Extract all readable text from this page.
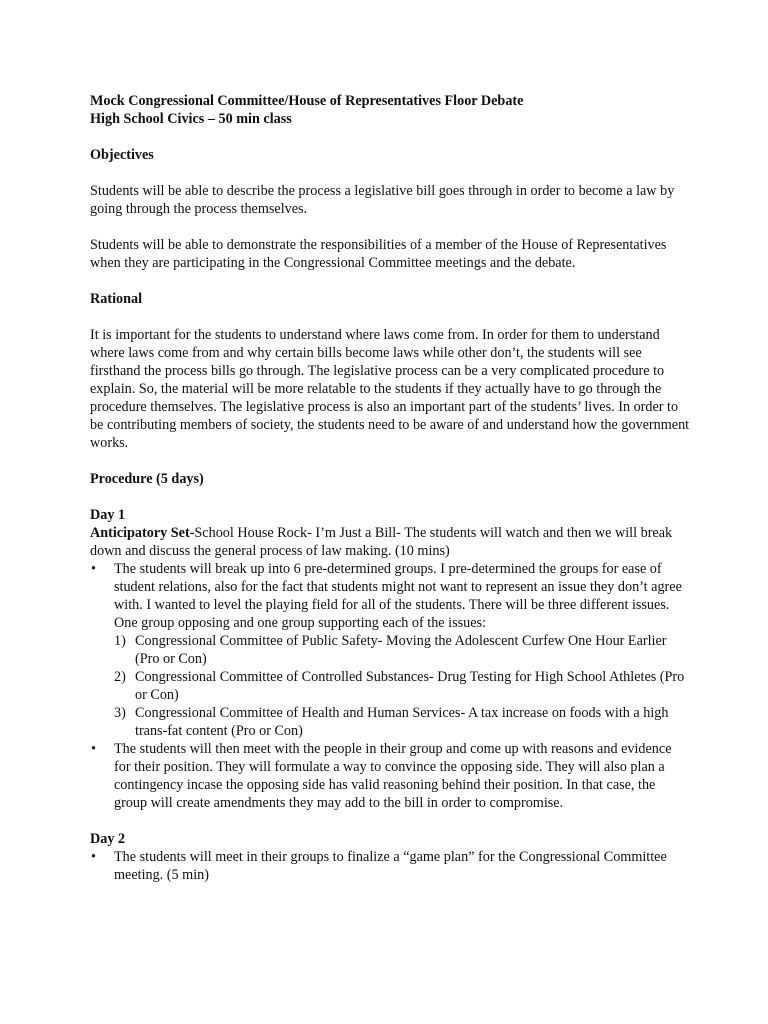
Mock Congressional Committee/House of Representatives Floor Debate

High School Civics – 50 min class

Objectives

Students will be able to describe the process a legislative bill goes through in order to become a law by going through the process themselves.

Students will be able to demonstrate the responsibilities of a member of the House of Representatives when they are participating in the Congressional Committee meetings and the debate.

Rational

It is important for the students to understand where laws come from. In order for them to understand where laws come from and why certain bills become laws while other don’t, the students will see firsthand the process bills go through. The legislative process can be a very complicated procedure to explain. So, the material will be more relatable to the students if they actually have to go through the procedure themselves. The legislative process is also an important part of the students’ lives. In order to be contributing members of society, the students need to be aware of and understand how the government works.

Procedure (5 days)

Day 1

Anticipatory Set-School House Rock- I’m Just a Bill- The students will watch and then we will break down and discuss the general process of law making. (10 mins)

•	The students will break up into 6 pre-determined groups. I pre-determined the groups for ease of student relations, also for the fact that students might not want to represent an issue they don’t agree with. I wanted to level the playing field for all of the students. There will be three different issues. One group opposing and one group supporting each of the issues:
1) Congressional Committee of Public Safety- Moving the Adolescent Curfew One Hour Earlier (Pro or Con)
2) Congressional Committee of Controlled Substances- Drug Testing for High School Athletes (Pro or Con)
3) Congressional Committee of Health and Human Services- A tax increase on foods with a high trans-fat content (Pro or Con)
•	The students will then meet with the people in their group and come up with reasons and evidence for their position. They will formulate a way to convince the opposing side. They will also plan a contingency incase the opposing side has valid reasoning behind their position. In that case, the group will create amendments they may add to the bill in order to compromise.

Day 2

•	The students will meet in their groups to finalize a “game plan” for the Congressional Committee meeting. (5 min)
